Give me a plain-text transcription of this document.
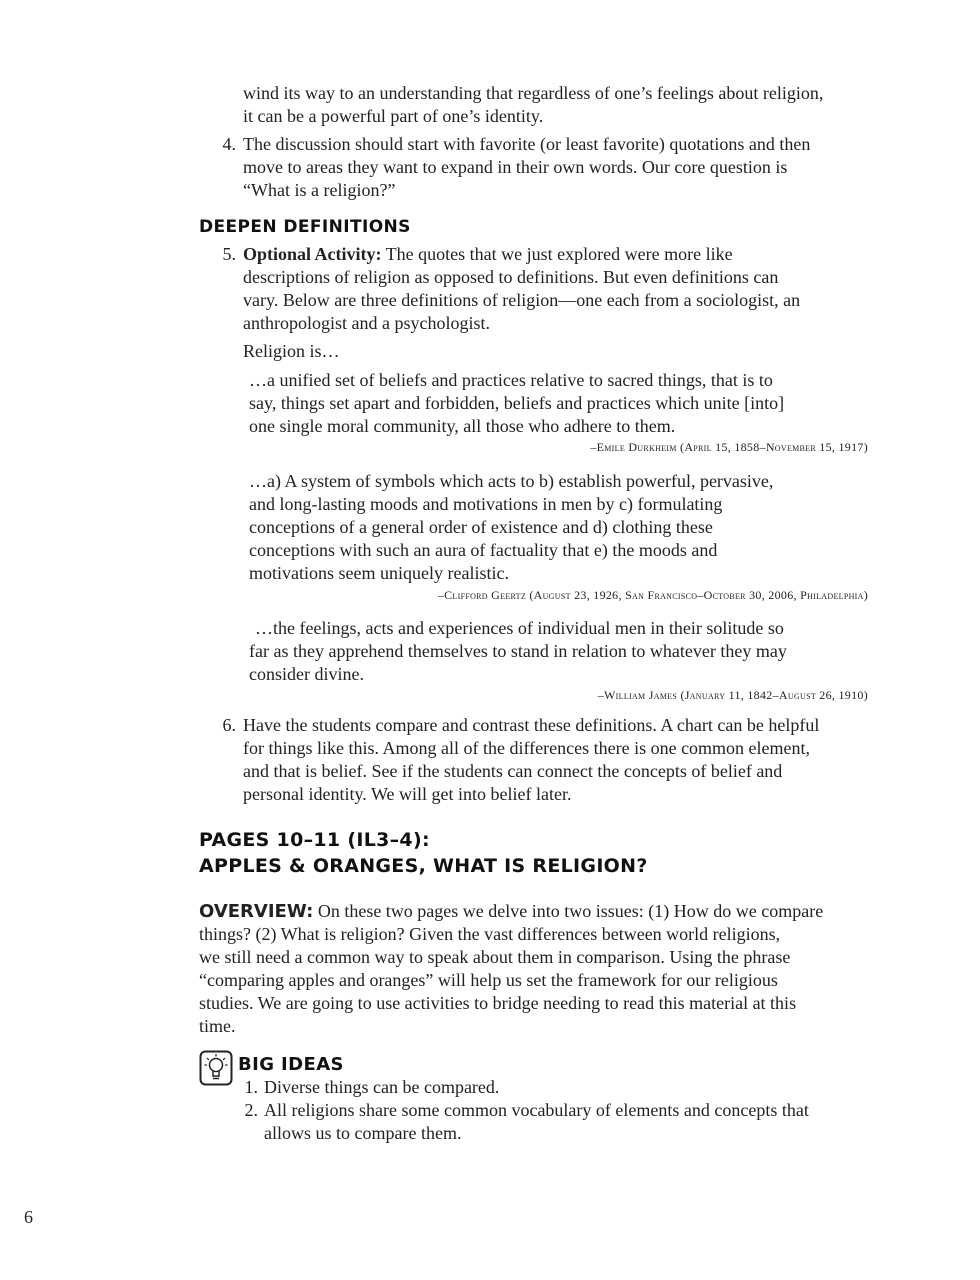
wind its way to an understanding that regardless of one’s feelings about religion,
it can be a powerful part of one’s identity.
4. The discussion should start with favorite (or least favorite) quotations and then
move to areas they want to expand in their own words. Our core question is
“What is a religion?”
DEEPEN DEFINITIONS
5. Optional Activity: The quotes that we just explored were more like
descriptions of religion as opposed to definitions. But even definitions can
vary. Below are three definitions of religion—one each from a sociologist, an
anthropologist and a psychologist.
Religion is…
…a unified set of beliefs and practices relative to sacred things, that is to
say, things set apart and forbidden, beliefs and practices which unite [into]
one single moral community, all those who adhere to them.
–Emile Durkheim (April 15, 1858–November 15, 1917)
…a) A system of symbols which acts to b) establish powerful, pervasive,
and long-lasting moods and motivations in men by c) formulating
conceptions of a general order of existence and d) clothing these
conceptions with such an aura of factuality that e) the moods and
motivations seem uniquely realistic.
–Clifford Geertz (August 23, 1926, San Francisco–October 30, 2006, Philadelphia)
…the feelings, acts and experiences of individual men in their solitude so
far as they apprehend themselves to stand in relation to whatever they may
consider divine.
–William James (January 11, 1842–August 26, 1910)
6. Have the students compare and contrast these definitions. A chart can be helpful
for things like this. Among all of the differences there is one common element,
and that is belief. See if the students can connect the concepts of belief and
personal identity. We will get into belief later.
PAGES 10–11 (IL3–4):
APPLES & ORANGES, WHAT IS RELIGION?
OVERVIEW: On these two pages we delve into two issues: (1) How do we compare
things? (2) What is religion? Given the vast differences between world religions,
we still need a common way to speak about them in comparison. Using the phrase
“comparing apples and oranges” will help us set the framework for our religious
studies. We are going to use activities to bridge needing to read this material at this
time.
BIG IDEAS
1. Diverse things can be compared.
2. All religions share some common vocabulary of elements and concepts that
allows us to compare them.
6
